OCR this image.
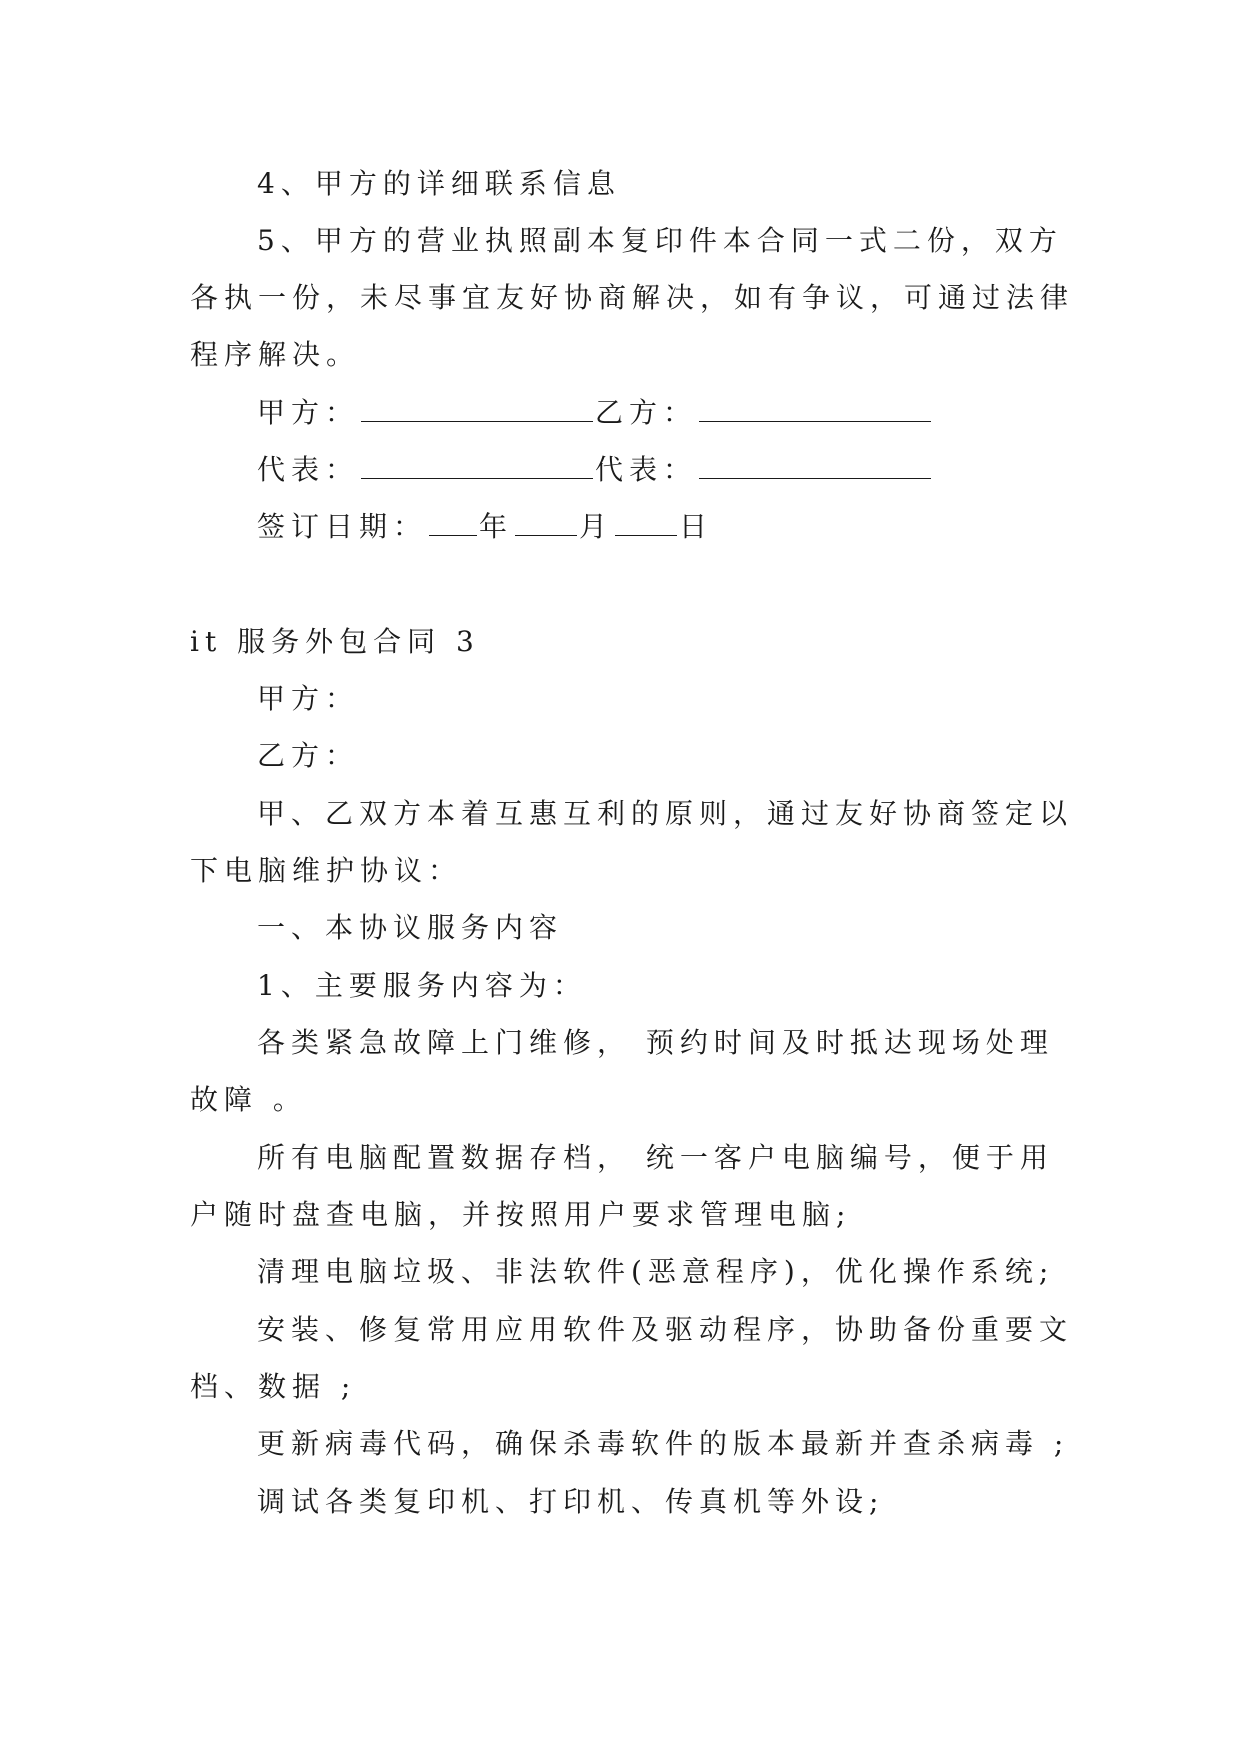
4、甲方的详细联系信息
5、甲方的营业执照副本复印件本合同一式二份，双方
各执一份，未尽事宜友好协商解决，如有争议，可通过法律
程序解决。
甲方：	乙方：
代表：	代表：
签订日期： 年 月 日
it 服务外包合同 3
甲方：
乙方：
甲、乙双方本着互惠互利的原则，通过友好协商签定以
下电脑维护协议：
一、本协议服务内容
1、主要服务内容为：
各类紧急故障上门维修， 预约时间及时抵达现场处理
故障 。
所有电脑配置数据存档， 统一客户电脑编号，便于用
户随时盘查电脑，并按照用户要求管理电脑;
清理电脑垃圾、非法软件(恶意程序)，优化操作系统;
安装、修复常用应用软件及驱动程序，协助备份重要文
档、数据 ;
更新病毒代码，确保杀毒软件的版本最新并查杀病毒 ;
调试各类复印机、打印机、传真机等外设;
